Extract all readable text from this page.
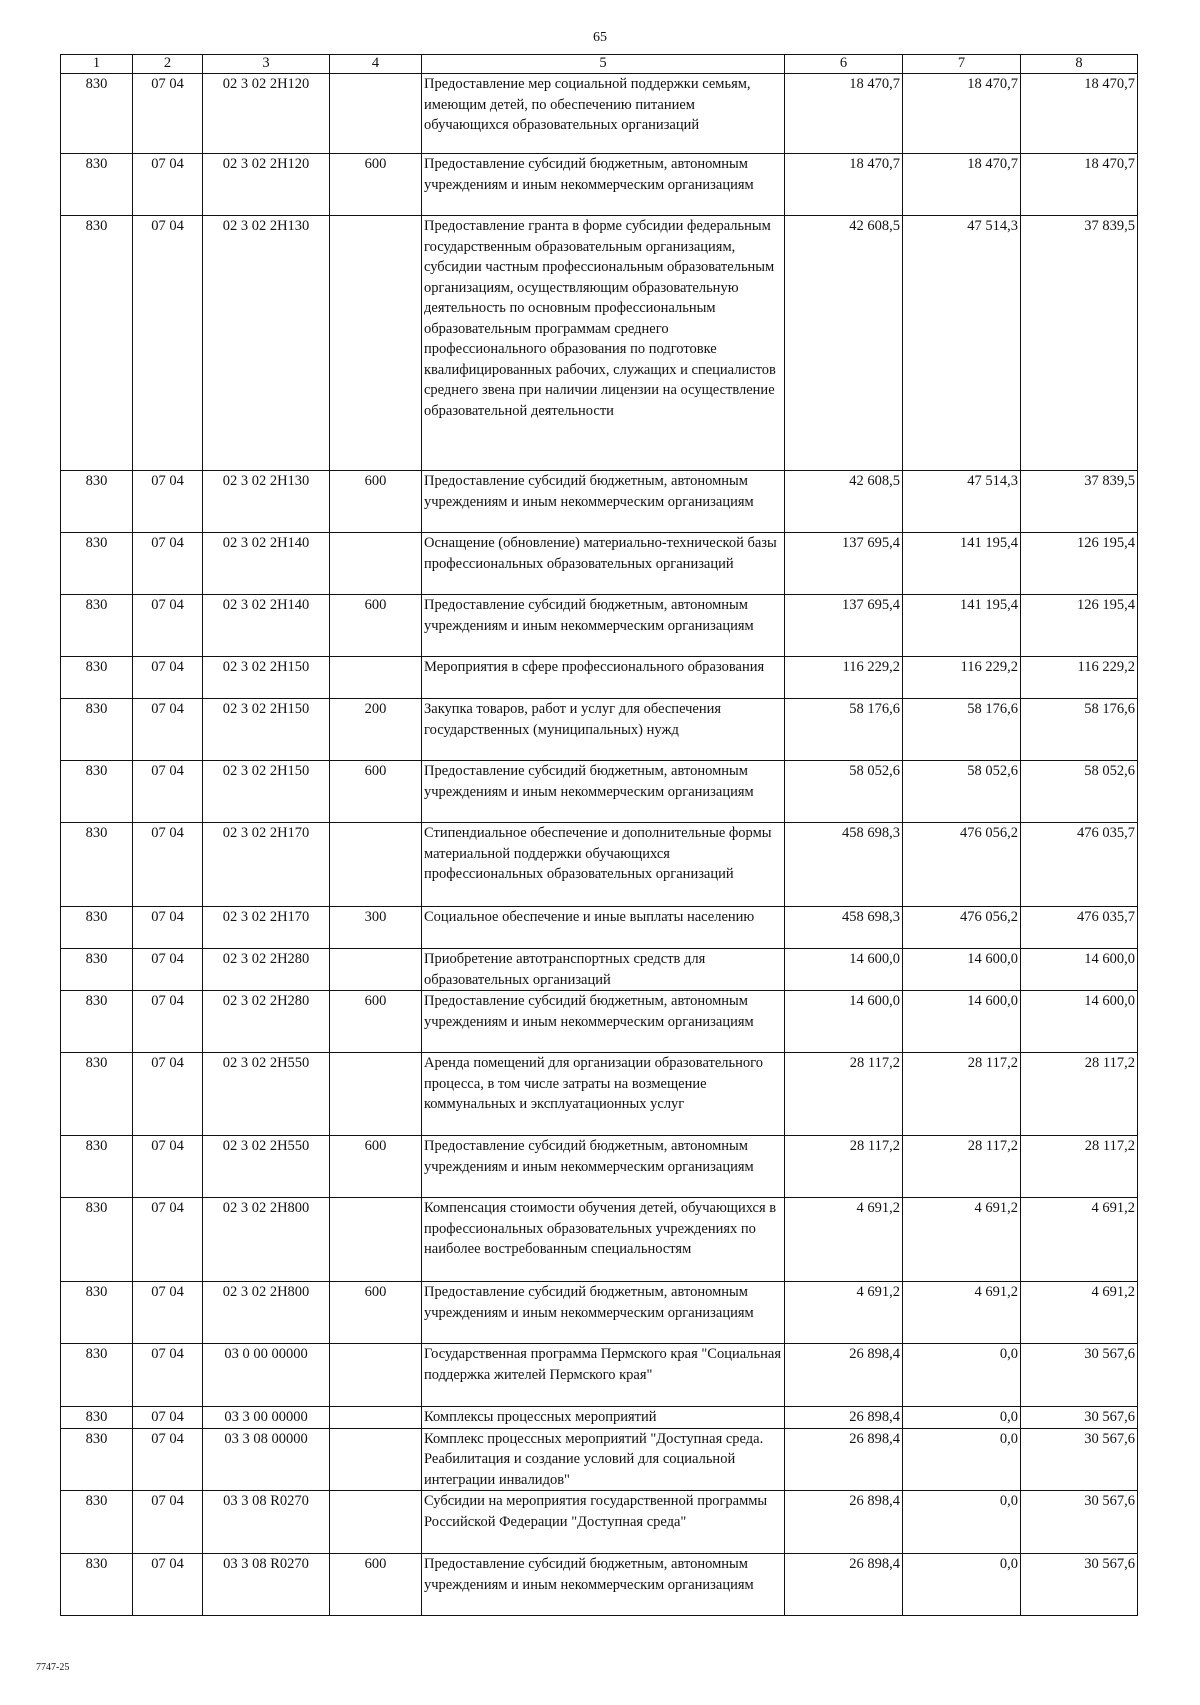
65
1	2	3	4	5	6	7	8
830	07 04	02 3 02 2Н120		Предоставление мер социальной поддержки семьям, имеющим детей, по обеспечению питанием обучающихся образовательных организаций	18 470,7	18 470,7	18 470,7
830	07 04	02 3 02 2Н120	600	Предоставление субсидий бюджетным, автономным учреждениям и иным некоммерческим организациям	18 470,7	18 470,7	18 470,7
830	07 04	02 3 02 2Н130		Предоставление гранта в форме субсидии федеральным государственным образовательным организациям, субсидии частным профессиональным образовательным организациям, осуществляющим образовательную деятельность по основным профессиональным образовательным программам среднего профессионального образования по подготовке квалифицированных рабочих, служащих и специалистов среднего звена при наличии лицензии на осуществление образовательной деятельности	42 608,5	47 514,3	37 839,5
830	07 04	02 3 02 2Н130	600	Предоставление субсидий бюджетным, автономным учреждениям и иным некоммерческим организациям	42 608,5	47 514,3	37 839,5
830	07 04	02 3 02 2Н140		Оснащение (обновление) материально-технической базы профессиональных образовательных организаций	137 695,4	141 195,4	126 195,4
830	07 04	02 3 02 2Н140	600	Предоставление субсидий бюджетным, автономным учреждениям и иным некоммерческим организациям	137 695,4	141 195,4	126 195,4
830	07 04	02 3 02 2Н150		Мероприятия в сфере профессионального образования	116 229,2	116 229,2	116 229,2
830	07 04	02 3 02 2Н150	200	Закупка товаров, работ и услуг для обеспечения государственных (муниципальных) нужд	58 176,6	58 176,6	58 176,6
830	07 04	02 3 02 2Н150	600	Предоставление субсидий бюджетным, автономным учреждениям и иным некоммерческим организациям	58 052,6	58 052,6	58 052,6
830	07 04	02 3 02 2Н170		Стипендиальное обеспечение и дополнительные формы материальной поддержки обучающихся профессиональных образовательных организаций	458 698,3	476 056,2	476 035,7
830	07 04	02 3 02 2Н170	300	Социальное обеспечение и иные выплаты населению	458 698,3	476 056,2	476 035,7
830	07 04	02 3 02 2Н280		Приобретение автотранспортных средств для образовательных организаций	14 600,0	14 600,0	14 600,0
830	07 04	02 3 02 2Н280	600	Предоставление субсидий бюджетным, автономным учреждениям и иным некоммерческим организациям	14 600,0	14 600,0	14 600,0
830	07 04	02 3 02 2Н550		Аренда помещений для организации образовательного процесса, в том числе затраты на возмещение коммунальных и эксплуатационных услуг	28 117,2	28 117,2	28 117,2
830	07 04	02 3 02 2Н550	600	Предоставление субсидий бюджетным, автономным учреждениям и иным некоммерческим организациям	28 117,2	28 117,2	28 117,2
830	07 04	02 3 02 2Н800		Компенсация стоимости обучения детей, обучающихся в профессиональных образовательных учреждениях по наиболее востребованным специальностям	4 691,2	4 691,2	4 691,2
830	07 04	02 3 02 2Н800	600	Предоставление субсидий бюджетным, автономным учреждениям и иным некоммерческим организациям	4 691,2	4 691,2	4 691,2
830	07 04	03 0 00 00000		Государственная программа Пермского края "Социальная поддержка жителей Пермского края"	26 898,4	0,0	30 567,6
830	07 04	03 3 00 00000		Комплексы процессных мероприятий	26 898,4	0,0	30 567,6
830	07 04	03 3 08 00000		Комплекс процессных мероприятий "Доступная среда. Реабилитация и создание условий для социальной интеграции инвалидов"	26 898,4	0,0	30 567,6
830	07 04	03 3 08 R0270		Субсидии на мероприятия государственной программы Российской Федерации "Доступная среда"	26 898,4	0,0	30 567,6
830	07 04	03 3 08 R0270	600	Предоставление субсидий бюджетным, автономным учреждениям и иным некоммерческим организациям	26 898,4	0,0	30 567,6
7747-25
